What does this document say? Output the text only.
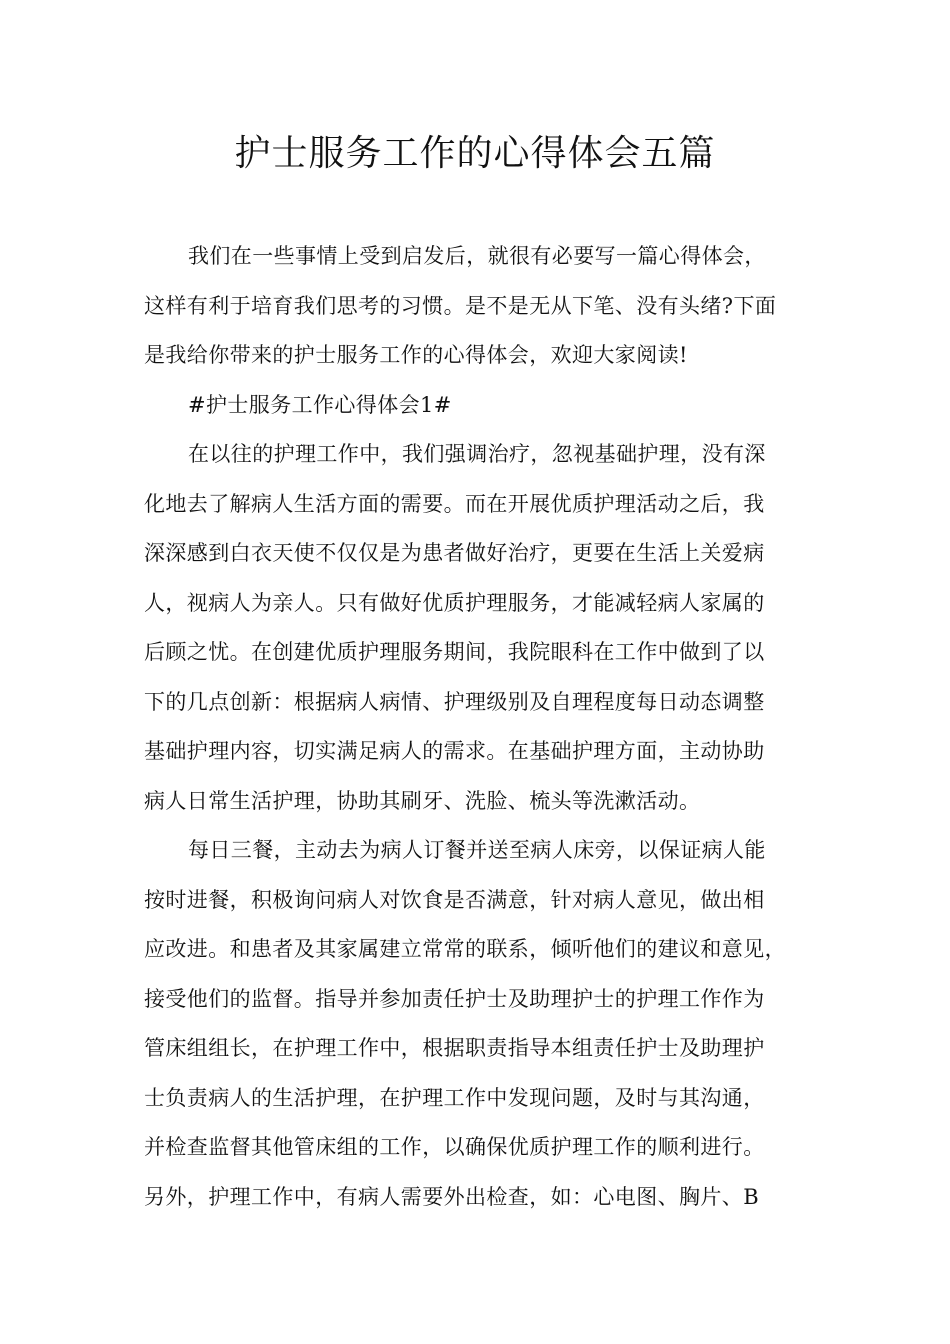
护士服务工作的心得体会五篇
我们在一些事情上受到启发后，就很有必要写一篇心得体会，
这样有利于培育我们思考的习惯。是不是无从下笔、没有头绪?下面
是我给你带来的护士服务工作的心得体会，欢迎大家阅读!
#护士服务工作心得体会1#
在以往的护理工作中，我们强调治疗，忽视基础护理，没有深
化地去了解病人生活方面的需要。而在开展优质护理活动之后，我
深深感到白衣天使不仅仅是为患者做好治疗，更要在生活上关爱病
人，视病人为亲人。只有做好优质护理服务，才能减轻病人家属的
后顾之忧。在创建优质护理服务期间，我院眼科在工作中做到了以
下的几点创新：根据病人病情、护理级别及自理程度每日动态调整
基础护理内容，切实满足病人的需求。在基础护理方面，主动协助
病人日常生活护理，协助其刷牙、洗脸、梳头等洗漱活动。
每日三餐，主动去为病人订餐并送至病人床旁，以保证病人能
按时进餐，积极询问病人对饮食是否满意，针对病人意见，做出相
应改进。和患者及其家属建立常常的联系，倾听他们的建议和意见，
接受他们的监督。指导并参加责任护士及助理护士的护理工作作为
管床组组长，在护理工作中，根据职责指导本组责任护士及助理护
士负责病人的生活护理，在护理工作中发现问题，及时与其沟通，
并检查监督其他管床组的工作，以确保优质护理工作的顺利进行。
另外，护理工作中，有病人需要外出检查，如：心电图、胸片、B
